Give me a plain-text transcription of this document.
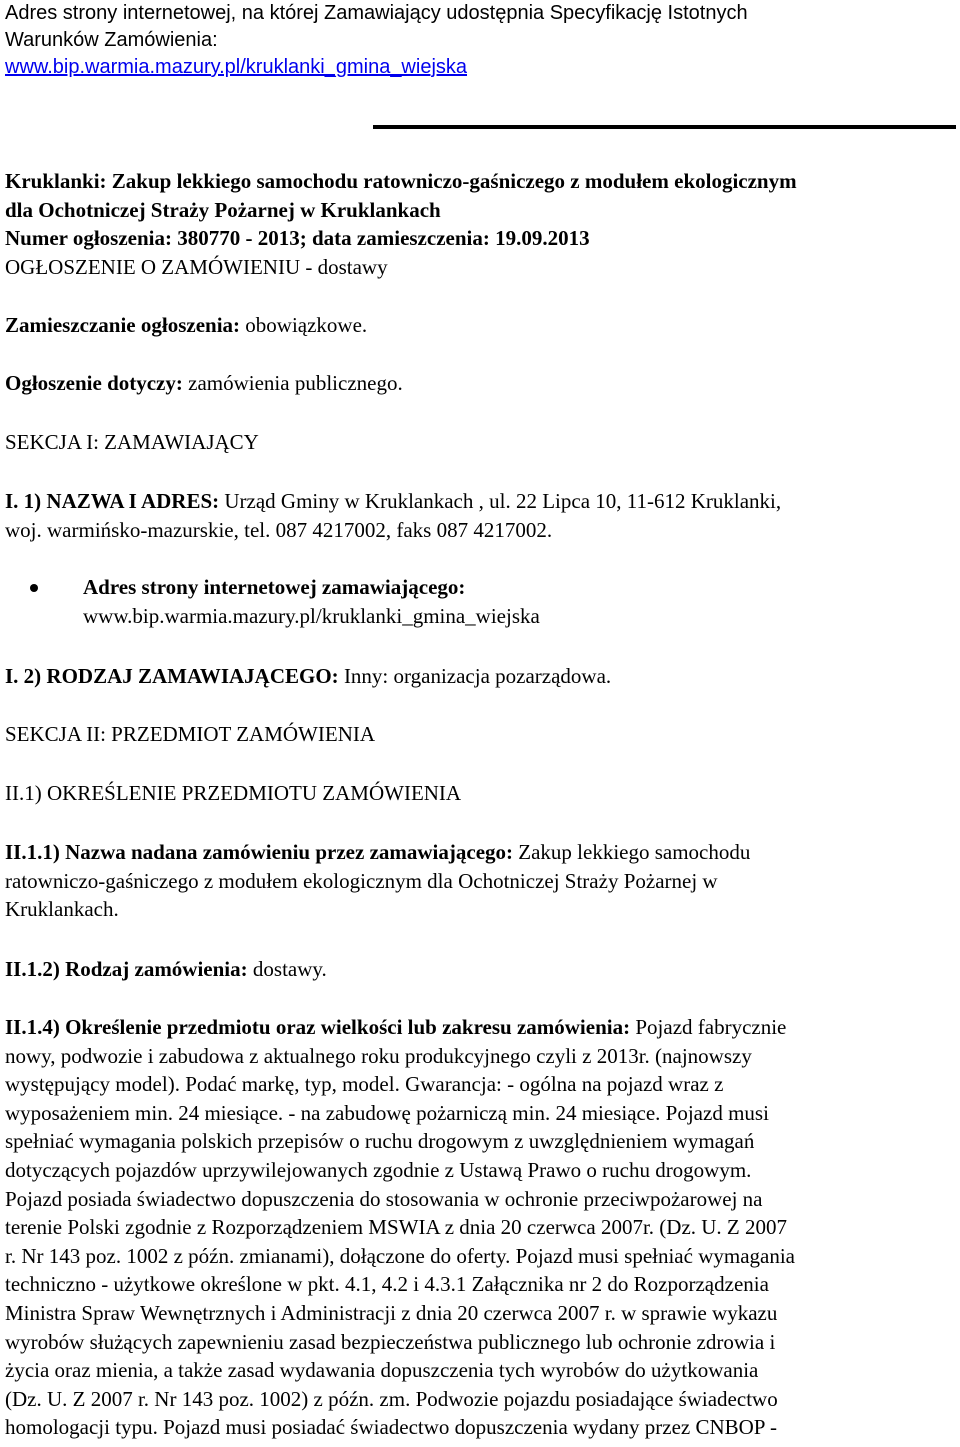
Adres strony internetowej, na której Zamawiający udostępnia Specyfikację Istotnych
Warunków Zamówienia:
www.bip.warmia.mazury.pl/kruklanki_gmina_wiejska
Kruklanki: Zakup lekkiego samochodu ratowniczo-gaśniczego z modułem ekologicznym
dla Ochotniczej Straży Pożarnej w Kruklankach
Numer ogłoszenia: 380770 - 2013; data zamieszczenia: 19.09.2013
OGŁOSZENIE O ZAMÓWIENIU - dostawy
Zamieszczanie ogłoszenia: obowiązkowe.
Ogłoszenie dotyczy: zamówienia publicznego.
SEKCJA I: ZAMAWIAJĄCY
I. 1) NAZWA I ADRES: Urząd Gminy w Kruklankach , ul. 22 Lipca 10, 11-612 Kruklanki,
woj. warmińsko-mazurskie, tel. 087 4217002, faks 087 4217002.
Adres strony internetowej zamawiającego:
www.bip.warmia.mazury.pl/kruklanki_gmina_wiejska
I. 2) RODZAJ ZAMAWIAJĄCEGO: Inny: organizacja pozarządowa.
SEKCJA II: PRZEDMIOT ZAMÓWIENIA
II.1) OKREŚLENIE PRZEDMIOTU ZAMÓWIENIA
II.1.1) Nazwa nadana zamówieniu przez zamawiającego: Zakup lekkiego samochodu
ratowniczo-gaśniczego z modułem ekologicznym dla Ochotniczej Straży Pożarnej w
Kruklankach.
II.1.2) Rodzaj zamówienia: dostawy.
II.1.4) Określenie przedmiotu oraz wielkości lub zakresu zamówienia: Pojazd fabrycznie
nowy, podwozie i zabudowa z aktualnego roku produkcyjnego czyli z 2013r. (najnowszy
występujący model). Podać markę, typ, model. Gwarancja: - ogólna na pojazd wraz z
wyposażeniem min. 24 miesiące. - na zabudowę pożarniczą min. 24 miesiące. Pojazd musi
spełniać wymagania polskich przepisów o ruchu drogowym z uwzględnieniem wymagań
dotyczących pojazdów uprzywilejowanych zgodnie z Ustawą Prawo o ruchu drogowym.
Pojazd posiada świadectwo dopuszczenia do stosowania w ochronie przeciwpożarowej na
terenie Polski zgodnie z Rozporządzeniem MSWIA z dnia 20 czerwca 2007r. (Dz. U. Z 2007
r. Nr 143 poz. 1002 z późn. zmianami), dołączone do oferty. Pojazd musi spełniać wymagania
techniczno - użytkowe określone w pkt. 4.1, 4.2 i 4.3.1 Załącznika nr 2 do Rozporządzenia
Ministra Spraw Wewnętrznych i Administracji z dnia 20 czerwca 2007 r. w sprawie wykazu
wyrobów służących zapewnieniu zasad bezpieczeństwa publicznego lub ochronie zdrowia i
życia oraz mienia, a także zasad wydawania dopuszczenia tych wyrobów do użytkowania
(Dz. U. Z 2007 r. Nr 143 poz. 1002) z późn. zm. Podwozie pojazdu posiadające świadectwo
homologacji typu. Pojazd musi posiadać świadectwo dopuszczenia wydany przez CNBOP -
